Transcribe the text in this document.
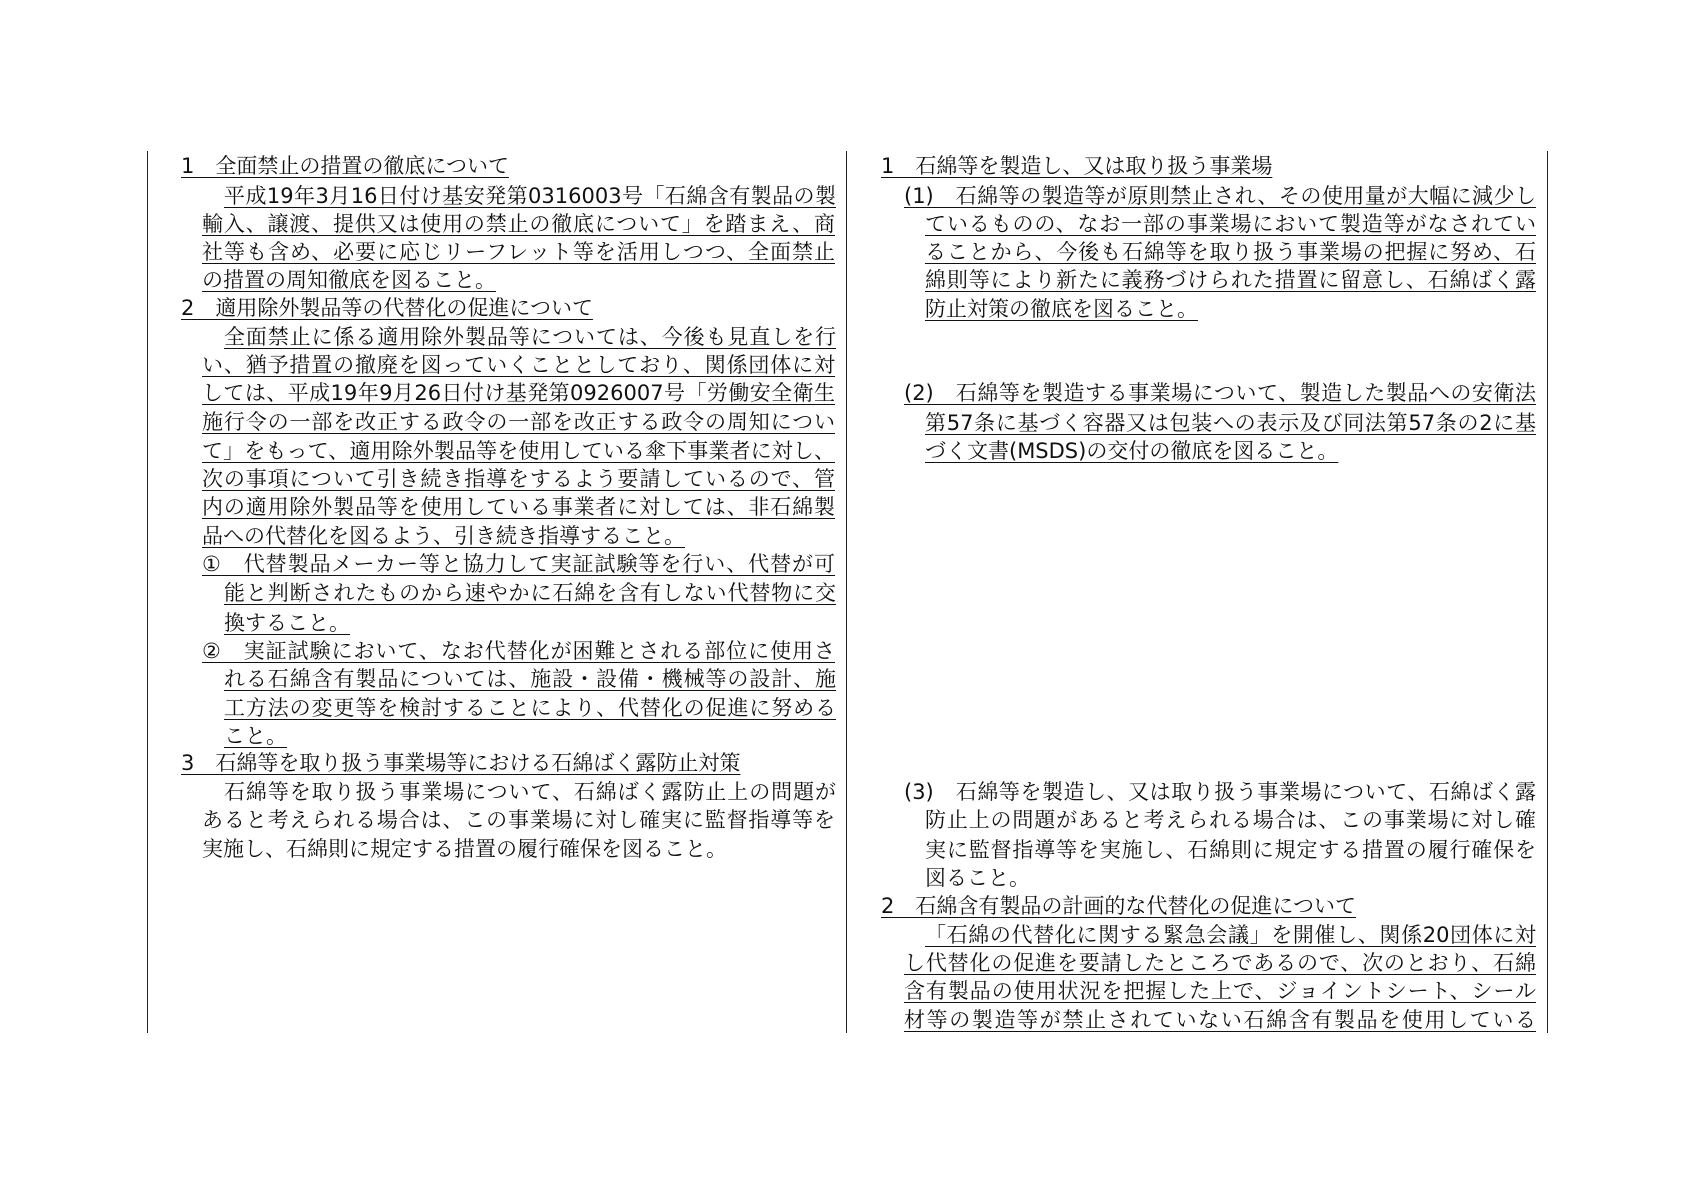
1　全面禁止の措置の徹底について
平成19年3月16日付け基安発第0316003号「石綿含有製品の製
輸入、譲渡、提供又は使用の禁止の徹底について」を踏まえ、商
社等も含め、必要に応じリーフレット等を活用しつつ、全面禁止
の措置の周知徹底を図ること。
2　適用除外製品等の代替化の促進について
全面禁止に係る適用除外製品等については、今後も見直しを行
い、猶予措置の撤廃を図っていくこととしており、関係団体に対
しては、平成19年9月26日付け基発第0926007号「労働安全衛生
施行令の一部を改正する政令の一部を改正する政令の周知につい
て」をもって、適用除外製品等を使用している傘下事業者に対し、
次の事項について引き続き指導をするよう要請しているので、管
内の適用除外製品等を使用している事業者に対しては、非石綿製
品への代替化を図るよう、引き続き指導すること。
①　代替製品メーカー等と協力して実証試験等を行い、代替が可
能と判断されたものから速やかに石綿を含有しない代替物に交
換すること。
②　実証試験において、なお代替化が困難とされる部位に使用さ
れる石綿含有製品については、施設・設備・機械等の設計、施
工方法の変更等を検討することにより、代替化の促進に努める
こと。
3　石綿等を取り扱う事業場等における石綿ばく露防止対策
石綿等を取り扱う事業場について、石綿ばく露防止上の問題が
あると考えられる場合は、この事業場に対し確実に監督指導等を
実施し、石綿則に規定する措置の履行確保を図ること。
1　石綿等を製造し、又は取り扱う事業場
(1)　石綿等の製造等が原則禁止され、その使用量が大幅に減少し
ているものの、なお一部の事業場において製造等がなされてい
ることから、今後も石綿等を取り扱う事業場の把握に努め、石
綿則等により新たに義務づけられた措置に留意し、石綿ばく露
防止対策の徹底を図ること。
(2)　石綿等を製造する事業場について、製造した製品への安衛法
第57条に基づく容器又は包装への表示及び同法第57条の2に基
づく文書(MSDS)の交付の徹底を図ること。
(3)　石綿等を製造し、又は取り扱う事業場について、石綿ばく露
防止上の問題があると考えられる場合は、この事業場に対し確
実に監督指導等を実施し、石綿則に規定する措置の履行確保を
図ること。
2　石綿含有製品の計画的な代替化の促進について
「石綿の代替化に関する緊急会議」を開催し、関係20団体に対
し代替化の促進を要請したところであるので、次のとおり、石綿
含有製品の使用状況を把握した上で、ジョイントシート、シール
材等の製造等が禁止されていない石綿含有製品を使用している
